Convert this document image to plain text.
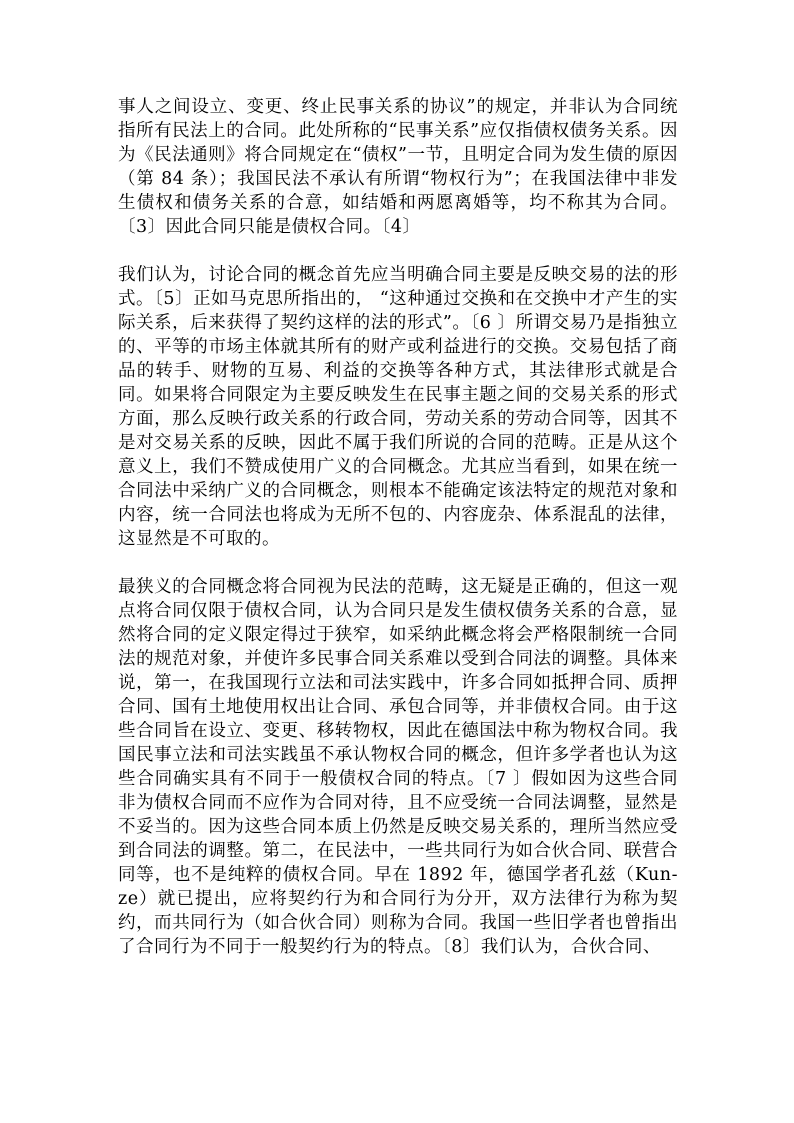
事人之间设立、变更、终止民事关系的协议”的规定，并非认为合同统指所有民法上的合同。此处所称的“民事关系”应仅指债权债务关系。因为《民法通则》将合同规定在“债权”一节，且明定合同为发生债的原因（第 84 条）；我国民法不承认有所谓“物权行为”；在我国法律中非发生债权和债务关系的合意，如结婚和两愿离婚等，均不称其为合同。〔3〕因此合同只能是债权合同。〔4〕

我们认为，讨论合同的概念首先应当明确合同主要是反映交易的法的形式。〔5〕正如马克思所指出的， “这种通过交换和在交换中才产生的实际关系，后来获得了契约这样的法的形式”。〔6 〕所谓交易乃是指独立的、平等的市场主体就其所有的财产或利益进行的交换。交易包括了商品的转手、财物的互易、利益的交换等各种方式，其法律形式就是合同。如果将合同限定为主要反映发生在民事主题之间的交易关系的形式方面，那么反映行政关系的行政合同，劳动关系的劳动合同等，因其不是对交易关系的反映，因此不属于我们所说的合同的范畴。正是从这个意义上，我们不赞成使用广义的合同概念。尤其应当看到，如果在统一合同法中采纳广义的合同概念，则根本不能确定该法特定的规范对象和内容，统一合同法也将成为无所不包的、内容庞杂、体系混乱的法律，这显然是不可取的。

最狭义的合同概念将合同视为民法的范畴，这无疑是正确的，但这一观点将合同仅限于债权合同，认为合同只是发生债权债务关系的合意，显然将合同的定义限定得过于狭窄，如采纳此概念将会严格限制统一合同法的规范对象，并使许多民事合同关系难以受到合同法的调整。具体来说，第一，在我国现行立法和司法实践中，许多合同如抵押合同、质押合同、国有土地使用权出让合同、承包合同等，并非债权合同。由于这些合同旨在设立、变更、移转物权，因此在德国法中称为物权合同。我国民事立法和司法实践虽不承认物权合同的概念，但许多学者也认为这些合同确实具有不同于一般债权合同的特点。〔7 〕假如因为这些合同非为债权合同而不应作为合同对待，且不应受统一合同法调整，显然是不妥当的。因为这些合同本质上仍然是反映交易关系的，理所当然应受到合同法的调整。第二，在民法中，一些共同行为如合伙合同、联营合同等，也不是纯粹的债权合同。早在 1892 年，德国学者孔兹（Kun-ze）就已提出，应将契约行为和合同行为分开，双方法律行为称为契约，而共同行为（如合伙合同）则称为合同。我国一些旧学者也曾指出了合同行为不同于一般契约行为的特点。〔8〕我们认为，合伙合同、
